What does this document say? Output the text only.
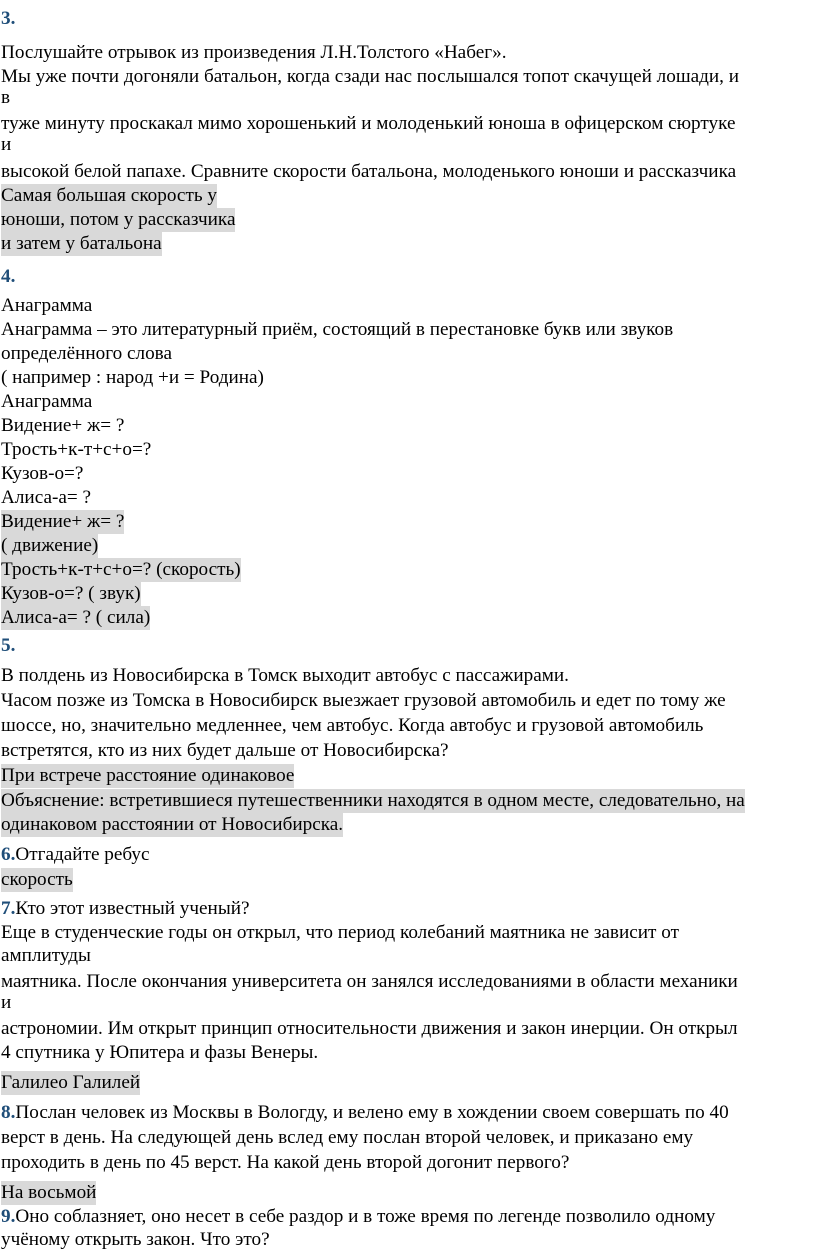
3.
Послушайте отрывок из произведения Л.Н.Толстого «Набег».
Мы уже почти догоняли батальон, когда сзади нас послышался топот скачущей лошади, и
в
туже минуту проскакал мимо хорошенький и молоденький юноша в офицерском сюртуке
и
высокой белой папахе. Сравните скорости батальона, молоденького юноши и рассказчика
Самая большая скорость у
юноши, потом у рассказчика
и затем у батальона
4.
Анаграмма
Анаграмма – это литературный приём, состоящий в перестановке букв или звуков
определённого слова
( например : народ +и = Родина)
Анаграмма
Видение+ ж= ?
Трость+к-т+с+о=?
Кузов-о=?
Алиса-а= ?
Видение+ ж= ?
( движение)
Трость+к-т+с+о=? (скорость)
Кузов-о=? ( звук)
Алиса-а= ? ( сила)
5.
В полдень из Новосибирска в Томск выходит автобус с пассажирами.
Часом позже из Томска в Новосибирск выезжает грузовой автомобиль и едет по тому же
шоссе, но, значительно медленнее, чем автобус. Когда автобус и грузовой автомобиль
встретятся, кто из них будет дальше от Новосибирска?
При встрече расстояние одинаковое
Объяснение: встретившиеся путешественники находятся в одном месте, следовательно, на
одинаковом расстоянии от Новосибирска.
6.Отгадайте ребус
скорость
7.Кто этот известный ученый?
Еще в студенческие годы он открыл, что период колебаний маятника не зависит от
амплитуды
маятника. После окончания университета он занялся исследованиями в области механики
и
астрономии. Им открыт принцип относительности движения и закон инерции. Он открыл
4 спутника у Юпитера и фазы Венеры.
Галилео Галилей
8.Послан человек из Москвы в Вологду, и велено ему в хождении своем совершать по 40
верст в день. На следующей день вслед ему послан второй человек, и приказано ему
проходить в день по 45 верст. На какой день второй догонит первого?
На восьмой
9.Оно соблазняет, оно несет в себе раздор и в тоже время по легенде позволило одному
учёному открыть закон. Что это?
